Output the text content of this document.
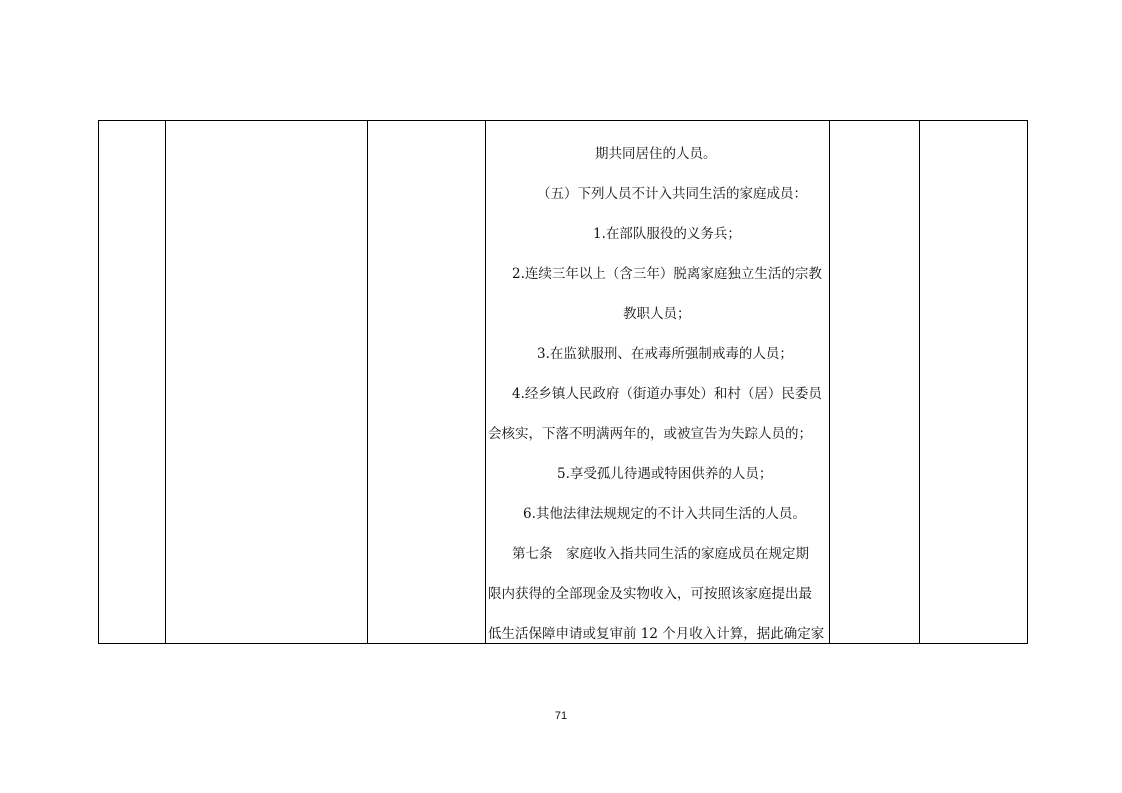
期共同居住的人员。
（五）下列人员不计入共同生活的家庭成员：
1.在部队服役的义务兵；
2.连续三年以上（含三年）脱离家庭独立生活的宗教
教职人员；
3.在监狱服刑、在戒毒所强制戒毒的人员；
4.经乡镇人民政府（街道办事处）和村（居）民委员
会核实，下落不明满两年的，或被宣告为失踪人员的；
5.享受孤儿待遇或特困供养的人员；
6.其他法律法规规定的不计入共同生活的人员。
第七条　家庭收入指共同生活的家庭成员在规定期
限内获得的全部现金及实物收入，可按照该家庭提出最
低生活保障申请或复审前 12 个月收入计算，据此确定家
71
